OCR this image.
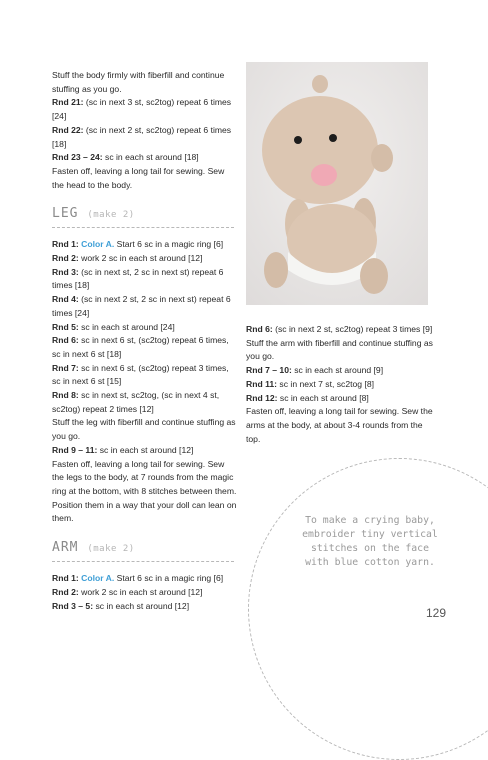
Stuff the body firmly with fiberfill and continue stuffing as you go.

Rnd 21: (sc in next 3 st, sc2tog) repeat 6 times [24]

Rnd 22: (sc in next 2 st, sc2tog) repeat 6 times [18]

Rnd 23 – 24: sc in each st around [18]

Fasten off, leaving a long tail for sewing. Sew the head to the body.

LEG (make 2)

Rnd 1: Color A. Start 6 sc in a magic ring [6]

Rnd 2: work 2 sc in each st around [12]

Rnd 3: (sc in next st, 2 sc in next st) repeat 6 times [18]

Rnd 4: (sc in next 2 st, 2 sc in next st) repeat 6 times [24]

Rnd 5: sc in each st around [24]

Rnd 6: sc in next 6 st, (sc2tog) repeat 6 times, sc in next 6 st [18]

Rnd 7: sc in next 6 st, (sc2tog) repeat 3 times, sc in next 6 st [15]

Rnd 8: sc in next st, sc2tog, (sc in next 4 st, sc2tog) repeat 2 times [12]

Stuff the leg with fiberfill and continue stuffing as you go.

Rnd 9 – 11: sc in each st around [12]

Fasten off, leaving a long tail for sewing. Sew the legs to the body, at 7 rounds from the magic ring at the bottom, with 8 stitches between them. Position them in a way that your doll can lean on them.

ARM (make 2)

Rnd 1: Color A. Start 6 sc in a magic ring [6]

Rnd 2: work 2 sc in each st around [12]

Rnd 3 – 5: sc in each st around [12]

Rnd 6: (sc in next 2 st, sc2tog) repeat 3 times [9]

Stuff the arm with fiberfill and continue stuffing as you go.

Rnd 7 – 10: sc in each st around [9]

Rnd 11: sc in next 7 st, sc2tog [8]

Rnd 12: sc in each st around [8]

Fasten off, leaving a long tail for sewing. Sew the arms at the body, at about 3-4 rounds from the top.

To make a crying baby, embroider tiny vertical stitches on the face with blue cotton yarn.
129
